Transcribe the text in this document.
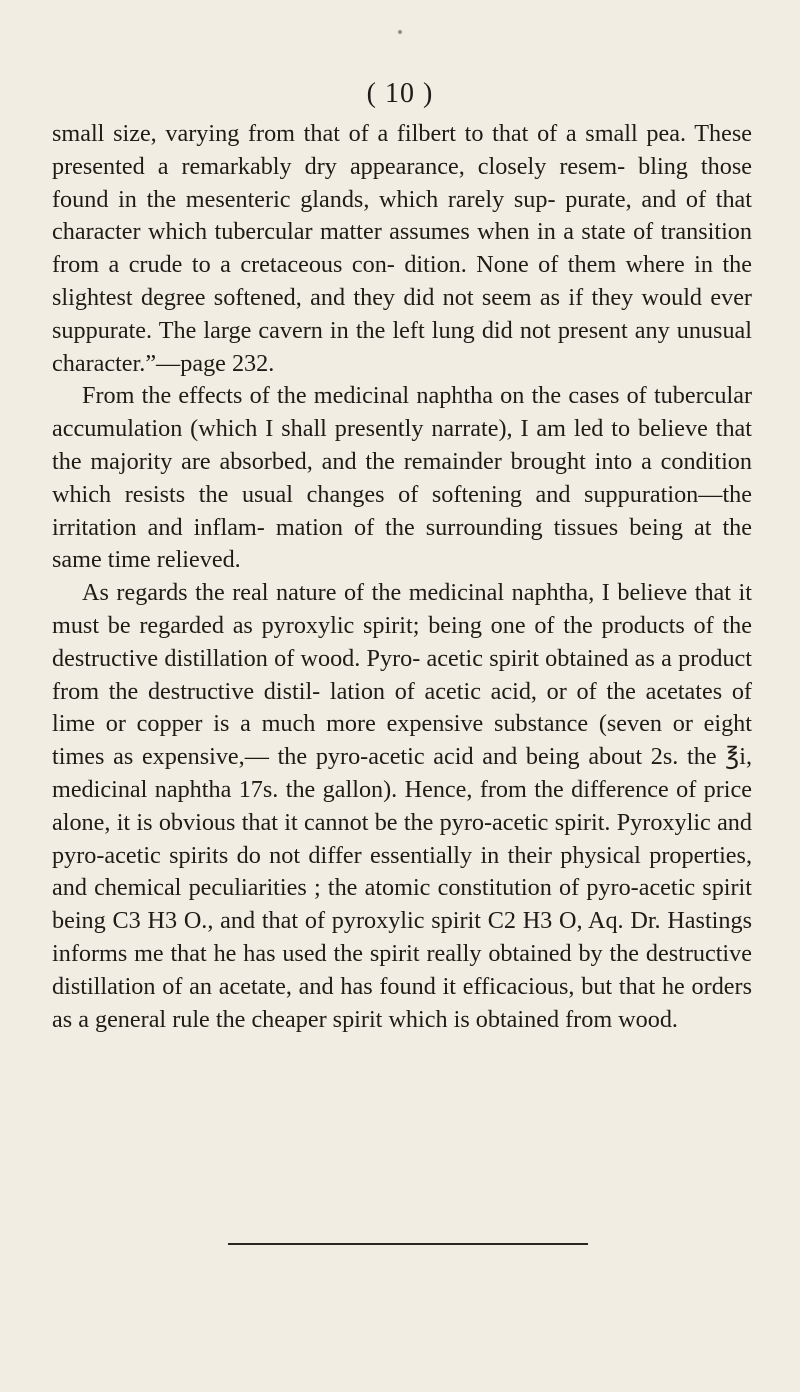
( 10 )

small size, varying from that of a filbert to that of a small pea. These presented a remarkably dry appearance, closely resem- bling those found in the mesenteric glands, which rarely sup- purate, and of that character which tubercular matter assumes when in a state of transition from a crude to a cretaceous con- dition. None of them where in the slightest degree softened, and they did not seem as if they would ever suppurate. The large cavern in the left lung did not present any unusual character.”—page 232.

From the effects of the medicinal naphtha on the cases of tubercular accumulation (which I shall presently narrate), I am led to believe that the majority are absorbed, and the remainder brought into a condition which resists the usual changes of softening and suppuration—the irritation and inflam- mation of the surrounding tissues being at the same time relieved.

As regards the real nature of the medicinal naphtha, I believe that it must be regarded as pyroxylic spirit; being one of the products of the destructive distillation of wood. Pyro- acetic spirit obtained as a product from the destructive distil- lation of acetic acid, or of the acetates of lime or copper is a much more expensive substance (seven or eight times as expensive,— the pyro-acetic acid and being about 2s. the ℥i, medicinal naphtha 17s. the gallon). Hence, from the difference of price alone, it is obvious that it cannot be the pyro-acetic spirit. Pyroxylic and pyro-acetic spirits do not differ essentially in their physical properties, and chemical peculiarities ; the atomic constitution of pyro-acetic spirit being C3 H3 O., and that of pyroxylic spirit C2 H3 O, Aq. Dr. Hastings informs me that he has used the spirit really obtained by the destructive distillation of an acetate, and has found it efficacious, but that he orders as a general rule the cheaper spirit which is obtained from wood.
